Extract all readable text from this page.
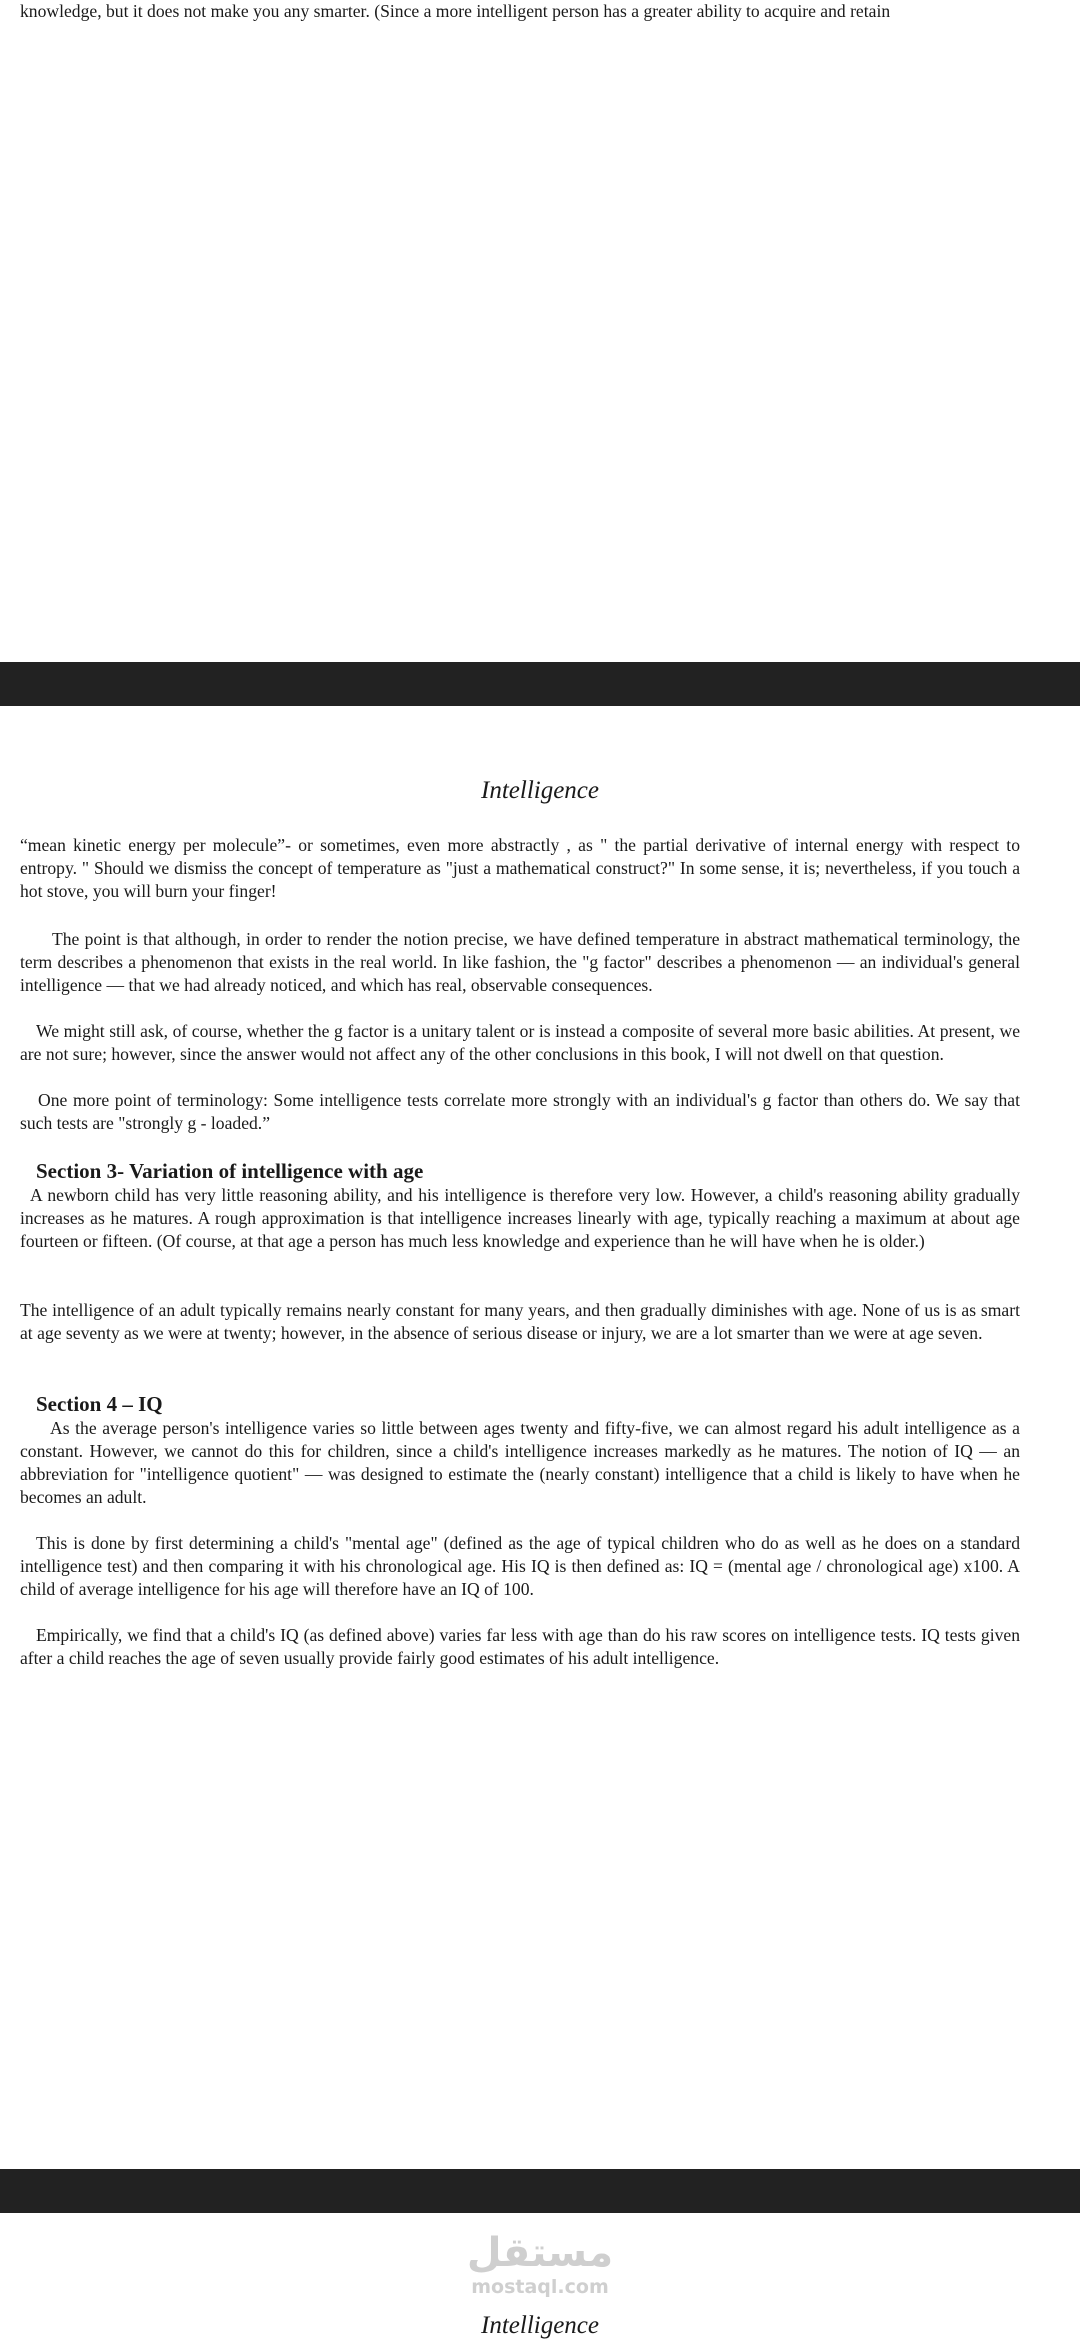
knowledge, but it does not make you any smarter. (Since a more intelligent person has a greater ability to acquire and retain

Intelligence

“mean kinetic energy per molecule”- or sometimes, even more abstractly , as " the partial derivative of internal energy with respect to entropy. " Should we dismiss the concept of temperature as "just a mathematical construct?" In some sense, it is; nevertheless, if you touch a hot stove, you will burn your finger!

The point is that although, in order to render the notion precise, we have defined temperature in abstract mathematical terminology, the term describes a phenomenon that exists in the real world. In like fashion, the "g factor" describes a phenomenon — an individual's general intelligence — that we had already noticed, and which has real, observable consequences.

We might still ask, of course, whether the g factor is a unitary talent or is instead a composite of several more basic abilities. At present, we are not sure; however, since the answer would not affect any of the other conclusions in this book, I will not dwell on that question.

One more point of terminology: Some intelligence tests correlate more strongly with an individual's g factor than others do. We say that such tests are "strongly g - loaded.”

Section 3- Variation of intelligence with age

A newborn child has very little reasoning ability, and his intelligence is therefore very low. However, a child's reasoning ability gradually increases as he matures. A rough approximation is that intelligence increases linearly with age, typically reaching a maximum at about age fourteen or fifteen. (Of course, at that age a person has much less knowledge and experience than he will have when he is older.)

The intelligence of an adult typically remains nearly constant for many years, and then gradually diminishes with age. None of us is as smart at age seventy as we were at twenty; however, in the absence of serious disease or injury, we are a lot smarter than we were at age seven.

Section 4 – IQ

As the average person's intelligence varies so little between ages twenty and fifty-five, we can almost regard his adult intelligence as a constant. However, we cannot do this for children, since a child's intelligence increases markedly as he matures. The notion of IQ — an abbreviation for "intelligence quotient" — was designed to estimate the (nearly constant) intelligence that a child is likely to have when he becomes an adult.

This is done by first determining a child's "mental age" (defined as the age of typical children who do as well as he does on a standard intelligence test) and then comparing it with his chronological age. His IQ is then defined as: IQ = (mental age / chronological age) x100. A child of average intelligence for his age will therefore have an IQ of 100.

Empirically, we find that a child's IQ (as defined above) varies far less with age than do his raw scores on intelligence tests. IQ tests given after a child reaches the age of seven usually provide fairly good estimates of his adult intelligence.

Intelligence

مستقل
mostaql.com
